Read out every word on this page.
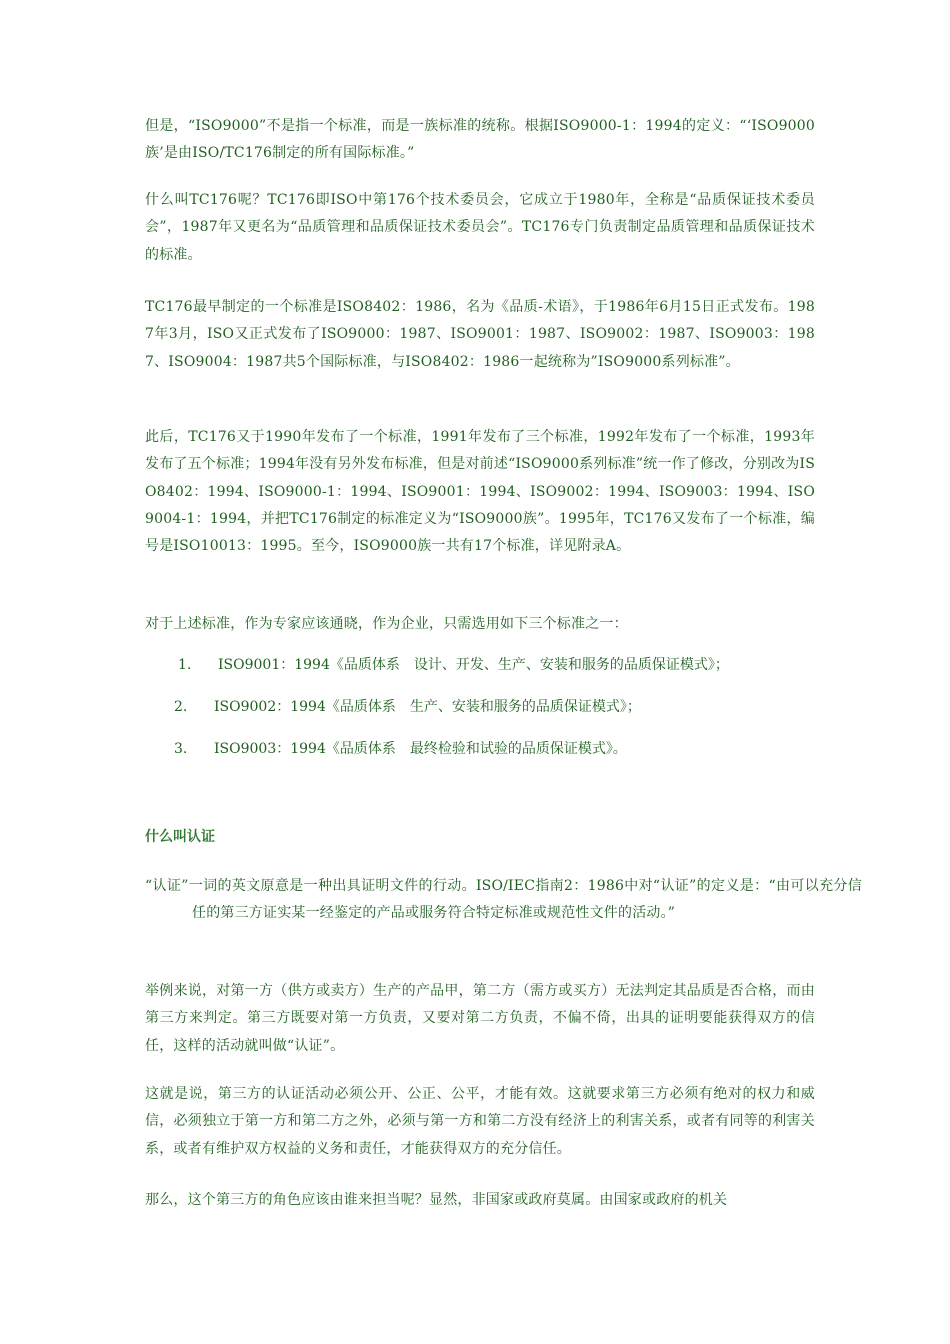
但是，“ISO9000”不是指一个标准，而是一族标准的统称。根据ISO9000-1：1994的定义：“‘ISO9000族’是由ISO/TC176制定的所有国际标准。”

什么叫TC176呢？TC176即ISO中第176个技术委员会，它成立于1980年，全称是“品质保证技术委员会”，1987年又更名为“品质管理和品质保证技术委员会”。TC176专门负责制定品质管理和品质保证技术的标准。

TC176最早制定的一个标准是ISO8402：1986，名为《品质-术语》，于1986年6月15日正式发布。1987年3月，ISO又正式发布了ISO9000：1987、ISO9001：1987、ISO9002：1987、ISO9003：1987、ISO9004：1987共5个国际标准，与ISO8402：1986一起统称为”ISO9000系列标准”。

此后，TC176又于1990年发布了一个标准，1991年发布了三个标准，1992年发布了一个标准，1993年发布了五个标准；1994年没有另外发布标准，但是对前述“ISO9000系列标准”统一作了修改，分别改为ISO8402：1994、ISO9000-1：1994、ISO9001：1994、ISO9002：1994、ISO9003：1994、ISO9004-1：1994，并把TC176制定的标准定义为“ISO9000族”。1995年，TC176又发布了一个标准，编号是ISO10013：1995。至今，ISO9000族一共有17个标准，详见附录A。

对于上述标准，作为专家应该通晓，作为企业，只需选用如下三个标准之一：

1. ISO9001：1994《品质体系　设计、开发、生产、安装和服务的品质保证模式》；
2. ISO9002：1994《品质体系　生产、安装和服务的品质保证模式》；
3. ISO9003：1994《品质体系　最终检验和试验的品质保证模式》。
什么叫认证

“认证”一词的英文原意是一种出具证明文件的行动。ISO/IEC指南2：1986中对“认证”的定义是：“由可以充分信任的第三方证实某一经鉴定的产品或服务符合特定标准或规范性文件的活动。”

举例来说，对第一方（供方或卖方）生产的产品甲，第二方（需方或买方）无法判定其品质是否合格，而由第三方来判定。第三方既要对第一方负责，又要对第二方负责，不偏不倚，出具的证明要能获得双方的信任，这样的活动就叫做“认证”。

这就是说，第三方的认证活动必须公开、公正、公平，才能有效。这就要求第三方必须有绝对的权力和威信，必须独立于第一方和第二方之外，必须与第一方和第二方没有经济上的利害关系，或者有同等的利害关系，或者有维护双方权益的义务和责任，才能获得双方的充分信任。

那么，这个第三方的角色应该由谁来担当呢？显然，非国家或政府莫属。由国家或政府的机关
